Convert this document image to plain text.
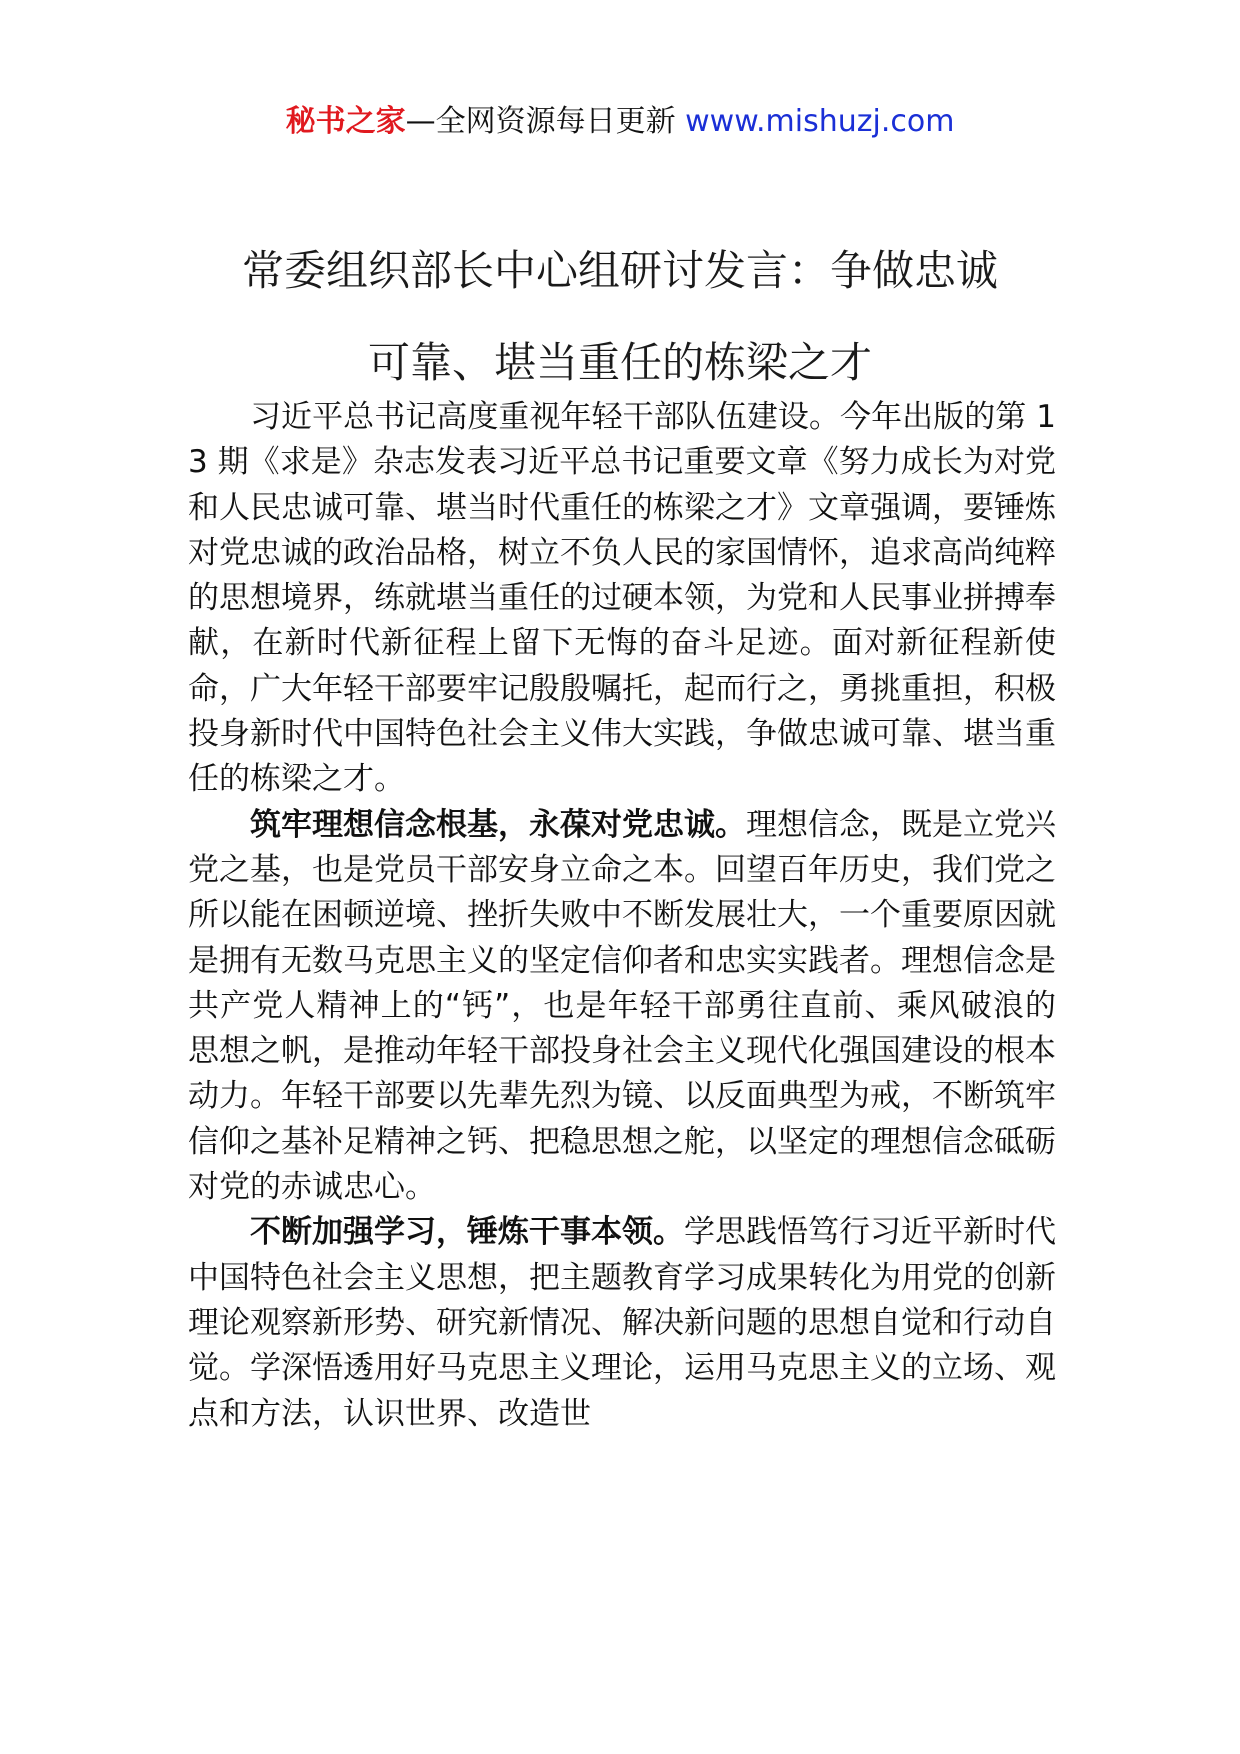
秘书之家—全网资源每日更新 www.mishuzj.com
常委组织部长中心组研讨发言：争做忠诚
可靠、堪当重任的栋梁之才

习近平总书记高度重视年轻干部队伍建设。今年出版的第 13 期《求是》杂志发表习近平总书记重要文章《努力成长为对党和人民忠诚可靠、堪当时代重任的栋梁之才》文章强调，要锤炼对党忠诚的政治品格，树立不负人民的家国情怀，追求高尚纯粹的思想境界，练就堪当重任的过硬本领，为党和人民事业拼搏奉献，在新时代新征程上留下无悔的奋斗足迹。面对新征程新使命，广大年轻干部要牢记殷殷嘱托，起而行之，勇挑重担，积极投身新时代中国特色社会主义伟大实践，争做忠诚可靠、堪当重任的栋梁之才。

筑牢理想信念根基，永葆对党忠诚。理想信念，既是立党兴党之基，也是党员干部安身立命之本。回望百年历史，我们党之所以能在困顿逆境、挫折失败中不断发展壮大，一个重要原因就是拥有无数马克思主义的坚定信仰者和忠实实践者。理想信念是共产党人精神上的“钙”，也是年轻干部勇往直前、乘风破浪的思想之帆，是推动年轻干部投身社会主义现代化强国建设的根本动力。年轻干部要以先辈先烈为镜、以反面典型为戒，不断筑牢信仰之基补足精神之钙、把稳思想之舵，以坚定的理想信念砥砺对党的赤诚忠心。

不断加强学习，锤炼干事本领。学思践悟笃行习近平新时代中国特色社会主义思想，把主题教育学习成果转化为用党的创新理论观察新形势、研究新情况、解决新问题的思想自觉和行动自觉。学深悟透用好马克思主义理论，运用马克思主义的立场、观点和方法，认识世界、改造世
